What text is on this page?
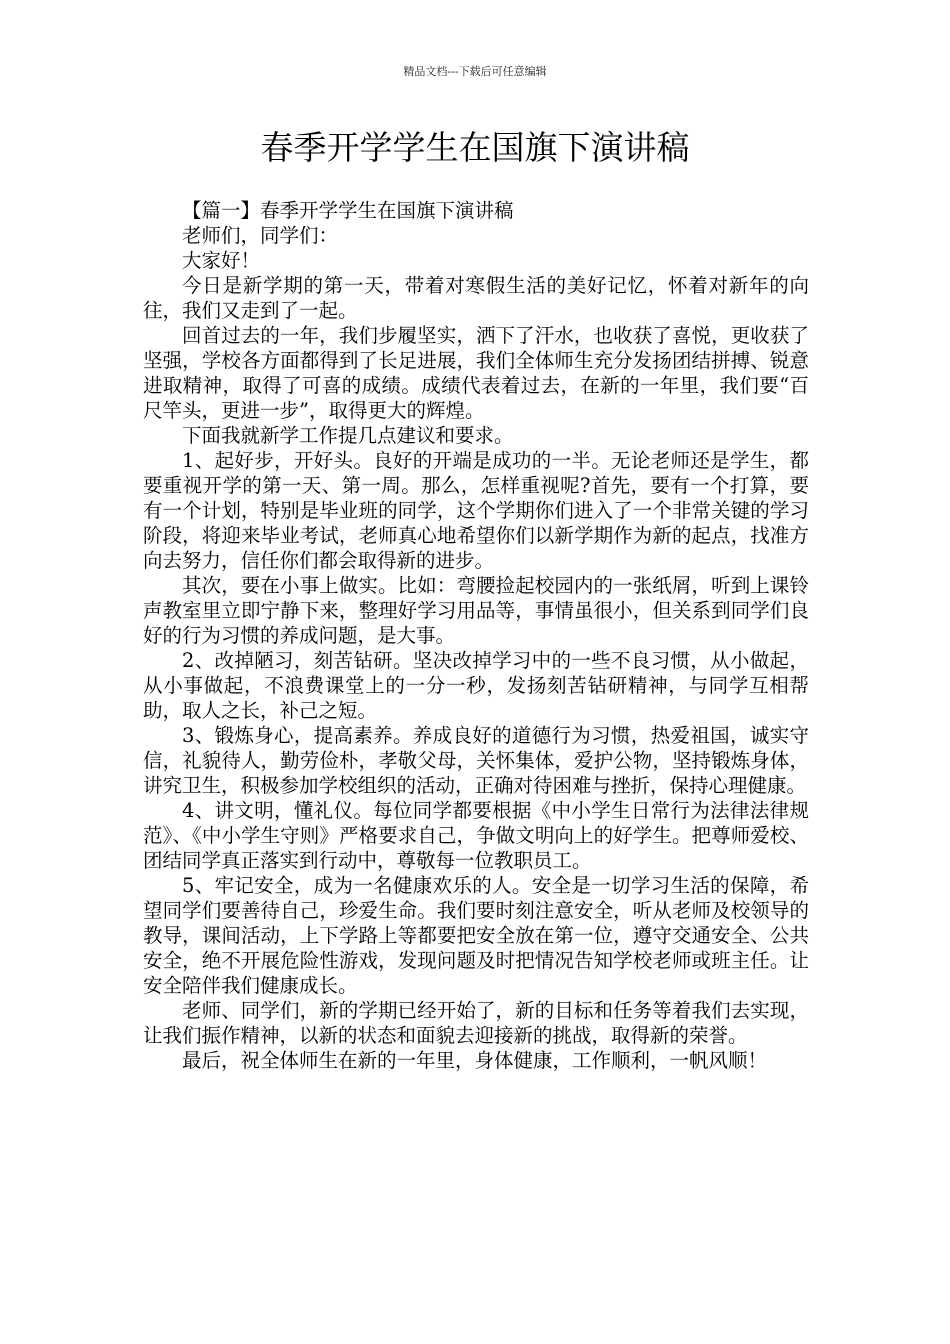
精品文档---下载后可任意编辑
春季开学学生在国旗下演讲稿

【篇一】春季开学学生在国旗下演讲稿

老师们，同学们：

大家好！

今日是新学期的第一天，带着对寒假生活的美好记忆，怀着对新年的向往，我们又走到了一起。

回首过去的一年，我们步履坚实，洒下了汗水，也收获了喜悦，更收获了坚强，学校各方面都得到了长足进展，我们全体师生充分发扬团结拼搏、锐意进取精神，取得了可喜的成绩。成绩代表着过去，在新的一年里，我们要“百尺竿头，更进一步”，取得更大的辉煌。

下面我就新学工作提几点建议和要求。

1、起好步，开好头。良好的开端是成功的一半。无论老师还是学生，都要重视开学的第一天、第一周。那么，怎样重视呢?首先，要有一个打算，要有一个计划，特别是毕业班的同学，这个学期你们进入了一个非常关键的学习阶段，将迎来毕业考试，老师真心地希望你们以新学期作为新的起点，找准方向去努力，信任你们都会取得新的进步。

其次，要在小事上做实。比如：弯腰捡起校园内的一张纸屑，听到上课铃声教室里立即宁静下来，整理好学习用品等，事情虽很小，但关系到同学们良好的行为习惯的养成问题，是大事。

2、改掉陋习，刻苦钻研。坚决改掉学习中的一些不良习惯，从小做起，从小事做起，不浪费课堂上的一分一秒，发扬刻苦钻研精神，与同学互相帮助，取人之长，补己之短。

3、锻炼身心，提高素养。养成良好的道德行为习惯，热爱祖国，诚实守信，礼貌待人，勤劳俭朴，孝敬父母，关怀集体，爱护公物，坚持锻炼身体，讲究卫生，积极参加学校组织的活动，正确对待困难与挫折，保持心理健康。

4、讲文明，懂礼仪。每位同学都要根据《中小学生日常行为法律法律规范》、《中小学生守则》严格要求自己，争做文明向上的好学生。把尊师爱校、团结同学真正落实到行动中，尊敬每一位教职员工。

5、牢记安全，成为一名健康欢乐的人。安全是一切学习生活的保障，希望同学们要善待自己，珍爱生命。我们要时刻注意安全，听从老师及校领导的教导，课间活动，上下学路上等都要把安全放在第一位，遵守交通安全、公共安全，绝不开展危险性游戏，发现问题及时把情况告知学校老师或班主任。让安全陪伴我们健康成长。

老师、同学们，新的学期已经开始了，新的目标和任务等着我们去实现，让我们振作精神，以新的状态和面貌去迎接新的挑战，取得新的荣誉。

最后，祝全体师生在新的一年里，身体健康，工作顺利，一帆风顺！
